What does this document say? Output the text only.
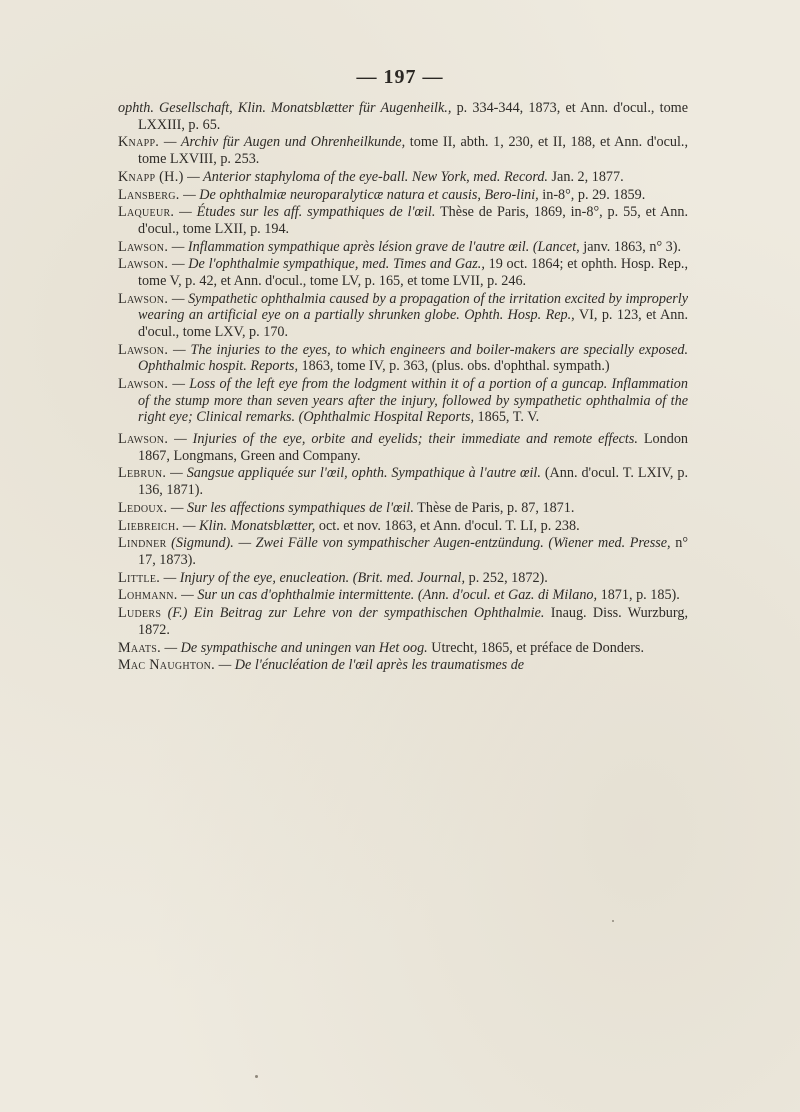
— 197 —

ophth. Gesellschaft, Klin. Monatsblætter für Augenheilk., p. 334-344, 1873, et Ann. d'ocul., tome LXXIII, p. 65.

Knapp. — Archiv für Augen und Ohrenheilkunde, tome II, abth. 1, 230, et II, 188, et Ann. d'ocul., tome LXVIII, p. 253.

Knapp (H.) — Anterior staphyloma of the eye-ball. New York, med. Record. Jan. 2, 1877.

Lansberg. — De ophthalmiæ neuroparalyticæ natura et causis, Bero-lini, in-8°, p. 29. 1859.

Laqueur. — Études sur les aff. sympathiques de l'œil. Thèse de Paris, 1869, in-8°, p. 55, et Ann. d'ocul., tome LXII, p. 194.

Lawson. — Inflammation sympathique après lésion grave de l'autre œil. (Lancet, janv. 1863, n° 3).

Lawson. — De l'ophthalmie sympathique, med. Times and Gaz., 19 oct. 1864; et ophth. Hosp. Rep., tome V, p. 42, et Ann. d'ocul., tome LV, p. 165, et tome LVII, p. 246.

Lawson. — Sympathetic ophthalmia caused by a propagation of the irritation excited by improperly wearing an artificial eye on a partially shrunken globe. Ophth. Hosp. Rep., VI, p. 123, et Ann. d'ocul., tome LXV, p. 170.

Lawson. — The injuries to the eyes, to which engineers and boiler-makers are specially exposed. Ophthalmic hospit. Reports, 1863, tome IV, p. 363, (plus. obs. d'ophthal. sympath.)

Lawson. — Loss of the left eye from the lodgment within it of a portion of a guncap. Inflammation of the stump more than seven years after the injury, followed by sympathetic ophthalmia of the right eye; Clinical remarks. (Ophthalmic Hospital Reports, 1865, T. V.

Lawson. — Injuries of the eye, orbite and eyelids; their immediate and remote effects. London 1867, Longmans, Green and Company.

Lebrun. — Sangsue appliquée sur l'œil, ophth. Sympathique à l'autre œil. (Ann. d'ocul. T. LXIV, p. 136, 1871).

Ledoux. — Sur les affections sympathiques de l'œil. Thèse de Paris, p. 87, 1871.

Liebreich. — Klin. Monatsblætter, oct. et nov. 1863, et Ann. d'ocul. T. LI, p. 238.

Lindner (Sigmund). — Zwei Fälle von sympathischer Augen-entzündung. (Wiener med. Presse, n° 17, 1873).

Little. — Injury of the eye, enucleation. (Brit. med. Journal, p. 252, 1872).

Lohmann. — Sur un cas d'ophthalmie intermittente. (Ann. d'ocul. et Gaz. di Milano, 1871, p. 185).

Luders (F.) Ein Beitrag zur Lehre von der sympathischen Ophthalmie. Inaug. Diss. Wurzburg, 1872.

Maats. — De sympathische and uningen van Het oog. Utrecht, 1865, et préface de Donders.

Mac Naughton. — De l'énucléation de l'œil après les traumatismes de
